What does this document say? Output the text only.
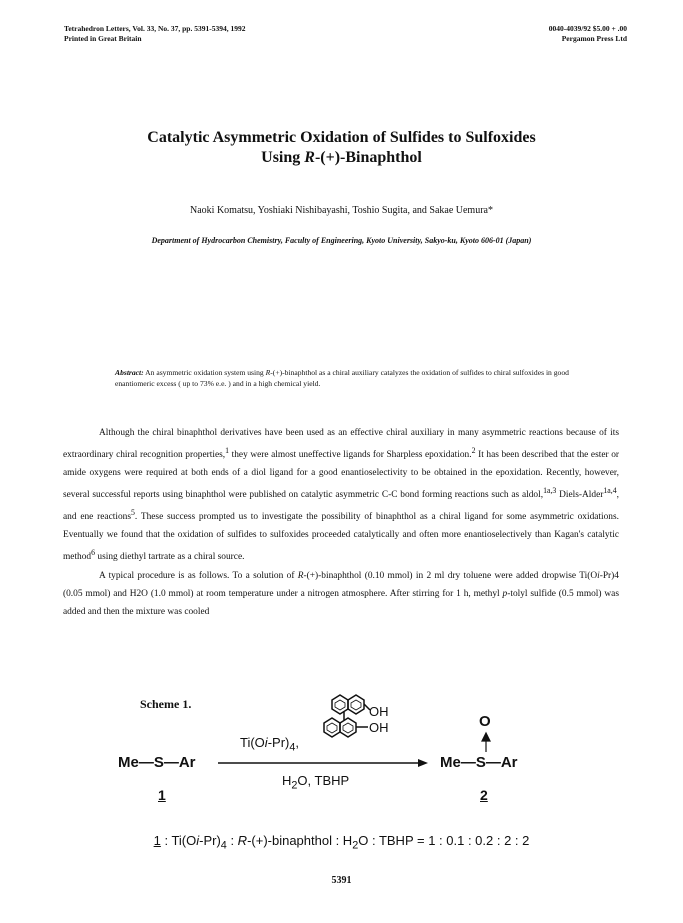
Tetrahedron Letters, Vol. 33, No. 37, pp. 5391-5394, 1992
Printed in Great Britain
0040-4039/92 $5.00 + .00
Pergamon Press Ltd
Catalytic Asymmetric Oxidation of Sulfides to Sulfoxides
Using R-(+)-Binaphthol
Naoki Komatsu, Yoshiaki Nishibayashi, Toshio Sugita, and Sakae Uemura*
Department of Hydrocarbon Chemistry, Faculty of Engineering, Kyoto University, Sakyo-ku, Kyoto 606-01 (Japan)
Abstract: An asymmetric oxidation system using R-(+)-binaphthol as a chiral auxiliary catalyzes the oxidation of sulfides to chiral sulfoxides in good enantiomeric excess ( up to 73% e.e. ) and in a high chemical yield.

Although the chiral binaphthol derivatives have been used as an effective chiral auxiliary in many asymmetric reactions because of its extraordinary chiral recognition properties,$^1$ they were almost uneffective ligands for Sharpless epoxidation.$^2$ It has been described that the ester or amide oxygens were required at both ends of a diol ligand for a good enantioselectivity to be obtained in the epoxidation. Recently, however, several successful reports using binaphthol were published on catalytic asymmetric C-C bond forming reactions such as aldol,$^{1a,3}$ Diels-Alder$^{1a,4}$, and ene reactions$^5$. These success prompted us to investigate the possibility of binaphthol as a chiral ligand for some asymmetric oxidations. Eventually we found that the oxidation of sulfides to sulfoxides proceeded catalytically and often more enantioselectively than Kagan's catalytic method$^6$ using diethyl tartrate as a chiral source.

A typical procedure is as follows. To a solution of R-(+)-binaphthol (0.10 mmol) in 2 ml dry toluene were added dropwise Ti(Oi-Pr)4 (0.05 mmol) and H2O (1.0 mmol) at room temperature under a nitrogen atmosphere. After stirring for 1 h, methyl p-tolyl sulfide (0.5 mmol) was added and then the mixture was cooled

Scheme 1.
Me—S—Ar
1
$Ti(Oi-Pr)_4$,
$H_2O$, TBHP
OH
OH	O
Me—S—Ar
2
1 : $Ti(Oi-Pr)_4$ : R-(+)-binaphthol : $H_2O$ : TBHP = 1 : 0.1 : 0.2 : 2 : 2
5391
